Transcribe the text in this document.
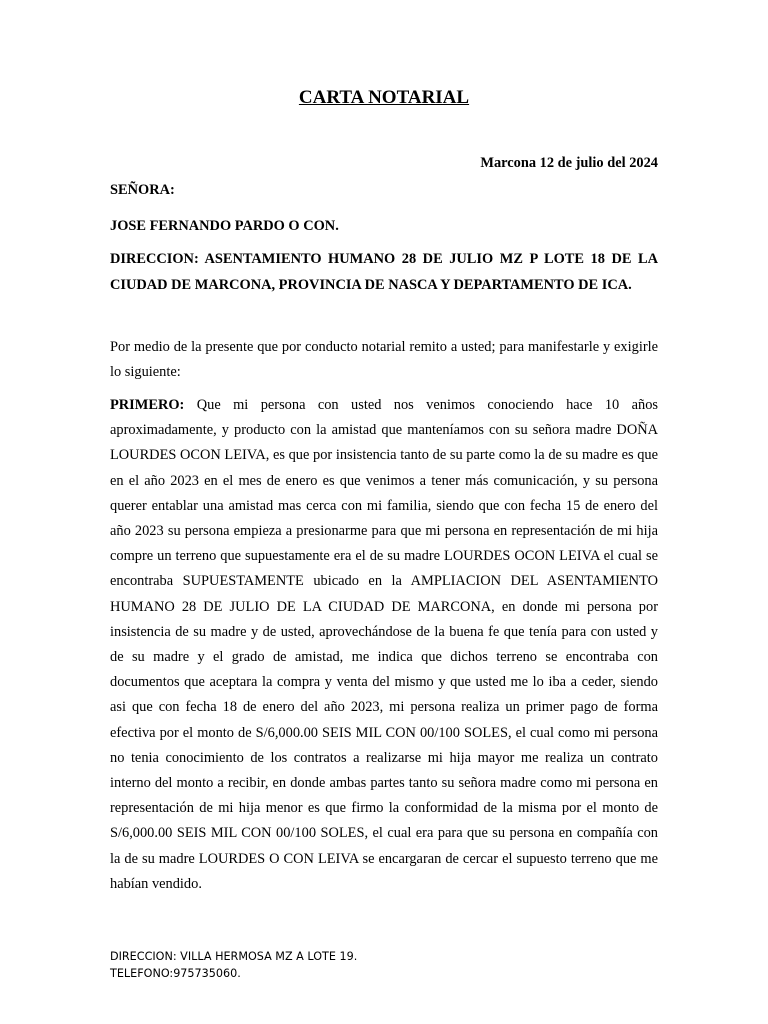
CARTA NOTARIAL
Marcona 12 de julio del 2024
SEÑORA:
JOSE FERNANDO PARDO O CON.
DIRECCION: ASENTAMIENTO HUMANO 28 DE JULIO MZ P LOTE 18 DE LA CIUDAD DE MARCONA, PROVINCIA DE NASCA Y DEPARTAMENTO DE ICA.
Por medio de la presente que por conducto notarial remito a usted; para manifestarle y exigirle lo siguiente:
PRIMERO: Que mi persona con usted nos venimos conociendo hace 10 años aproximadamente, y producto con la amistad que manteníamos con su señora madre DOÑA LOURDES OCON LEIVA, es que por insistencia tanto de su parte como la de su madre es que en el año 2023 en el mes de enero es que venimos a tener más comunicación, y su persona querer entablar una amistad mas cerca con mi familia, siendo que con fecha 15 de enero del año 2023 su persona empieza a presionarme para que mi persona en representación de mi hija compre un terreno que supuestamente era el de su madre LOURDES OCON LEIVA el cual se encontraba SUPUESTAMENTE ubicado en la AMPLIACION DEL ASENTAMIENTO HUMANO 28 DE JULIO DE LA CIUDAD DE MARCONA, en donde mi persona por insistencia de su madre y de usted, aprovechándose de la buena fe que tenía para con usted y de su madre y el grado de amistad, me indica que dichos terreno se encontraba con documentos que aceptara la compra y venta del mismo y que usted me lo iba a ceder, siendo asi que con fecha 18 de enero del año 2023, mi persona realiza un primer pago de forma efectiva por el monto de S/6,000.00 SEIS MIL CON 00/100 SOLES, el cual como mi persona no tenia conocimiento de los contratos a realizarse mi hija mayor me realiza un contrato interno del monto a recibir, en donde ambas partes tanto su señora madre como mi persona en representación de mi hija menor es que firmo la conformidad de la misma por el monto de S/6,000.00 SEIS MIL CON 00/100 SOLES, el cual era para que su persona en compañía con la de su madre LOURDES O CON LEIVA se encargaran de cercar el supuesto terreno que me habían vendido.
DIRECCION: VILLA HERMOSA MZ A LOTE 19.
TELEFONO:975735060.
